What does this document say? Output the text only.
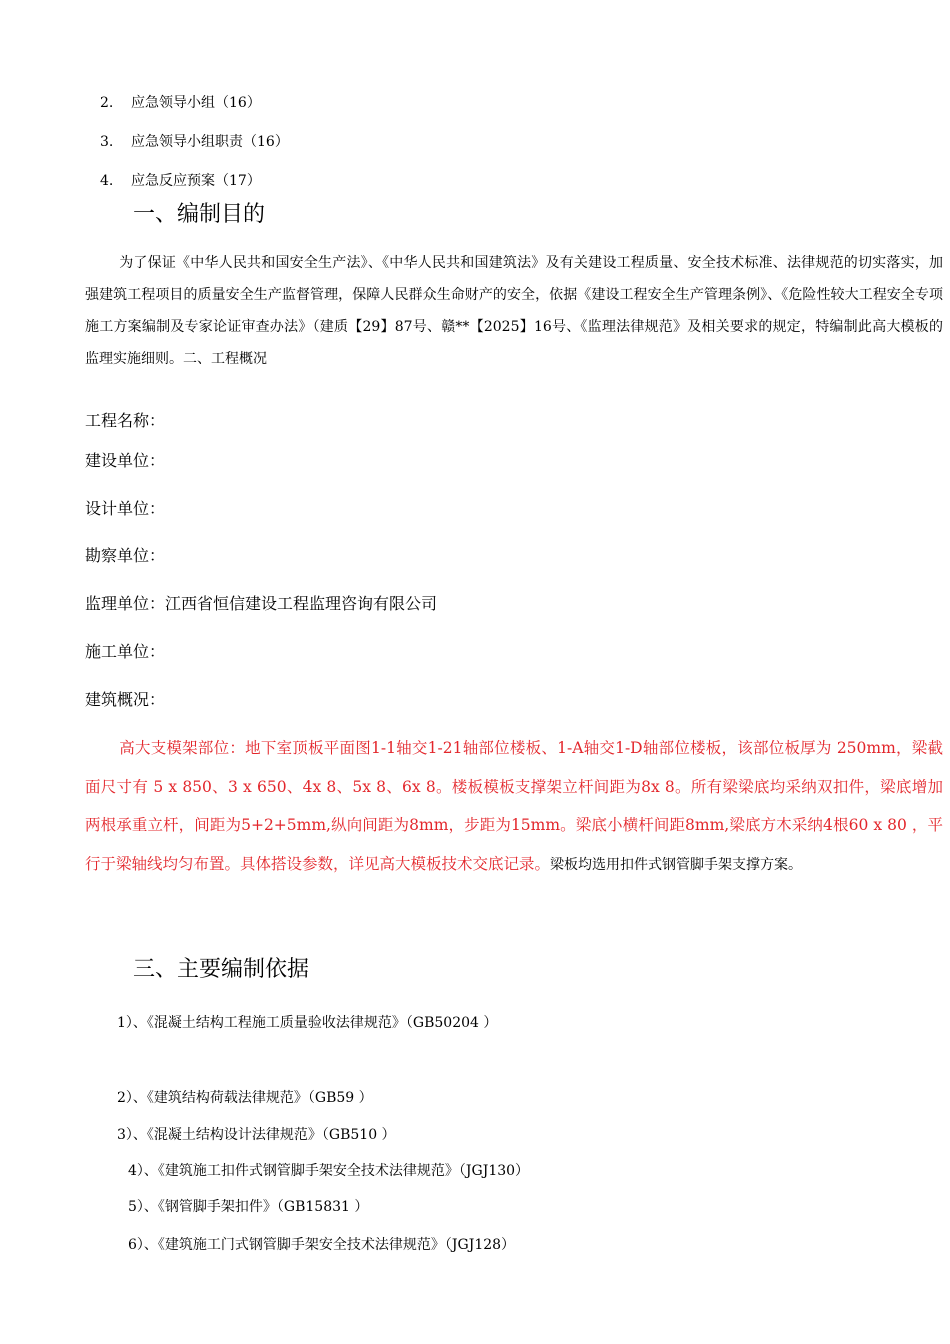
2. 应急领导小组（16）
3. 应急领导小组职责（16）
4. 应急反应预案（17）
一、编制目的
为了保证《中华人民共和国安全生产法》、《中华人民共和国建筑法》及有关建设工程质量、安全技术标准、法律规范的切实落实，加强建筑工程项目的质量安全生产监督管理，保障人民群众生命财产的安全，依据《建设工程安全生产管理条例》、《危险性较大工程安全专项施工方案编制及专家论证审查办法》（建质【29】87号、赣**【2025】16号、《监理法律规范》及相关要求的规定，特编制此高大模板的监理实施细则。二、工程概况
工程名称：
建设单位：
设计单位：
勘察单位：
监理单位：江西省恒信建设工程监理咨询有限公司
施工单位：
建筑概况：
高大支模架部位：地下室顶板平面图1-1轴交1-21轴部位楼板、1-A轴交1-D轴部位楼板，该部位板厚为 250mm，梁截面尺寸有 5 x 850、3 x 650、4x 8、5x 8、6x 8。楼板模板支撑架立杆间距为8x 8。所有梁梁底均采纳双扣件，梁底增加两根承重立杆，间距为5+2+5mm,纵向间距为8mm，步距为15mm。梁底小横杆间距8mm,梁底方木采纳4根60 x 80 ，平行于梁轴线均匀布置。具体搭设参数，详见高大模板技术交底记录。梁板均选用扣件式钢管脚手架支撑方案。
三、主要编制依据
1）、《混凝土结构工程施工质量验收法律规范》（GB50204 ）
2）、《建筑结构荷载法律规范》（GB59 ）
3）、《混凝土结构设计法律规范》（GB510 ）
4）、《建筑施工扣件式钢管脚手架安全技术法律规范》（JGJ130）
5）、《钢管脚手架扣件》（GB15831 ）
6）、《建筑施工门式钢管脚手架安全技术法律规范》（JGJ128）
